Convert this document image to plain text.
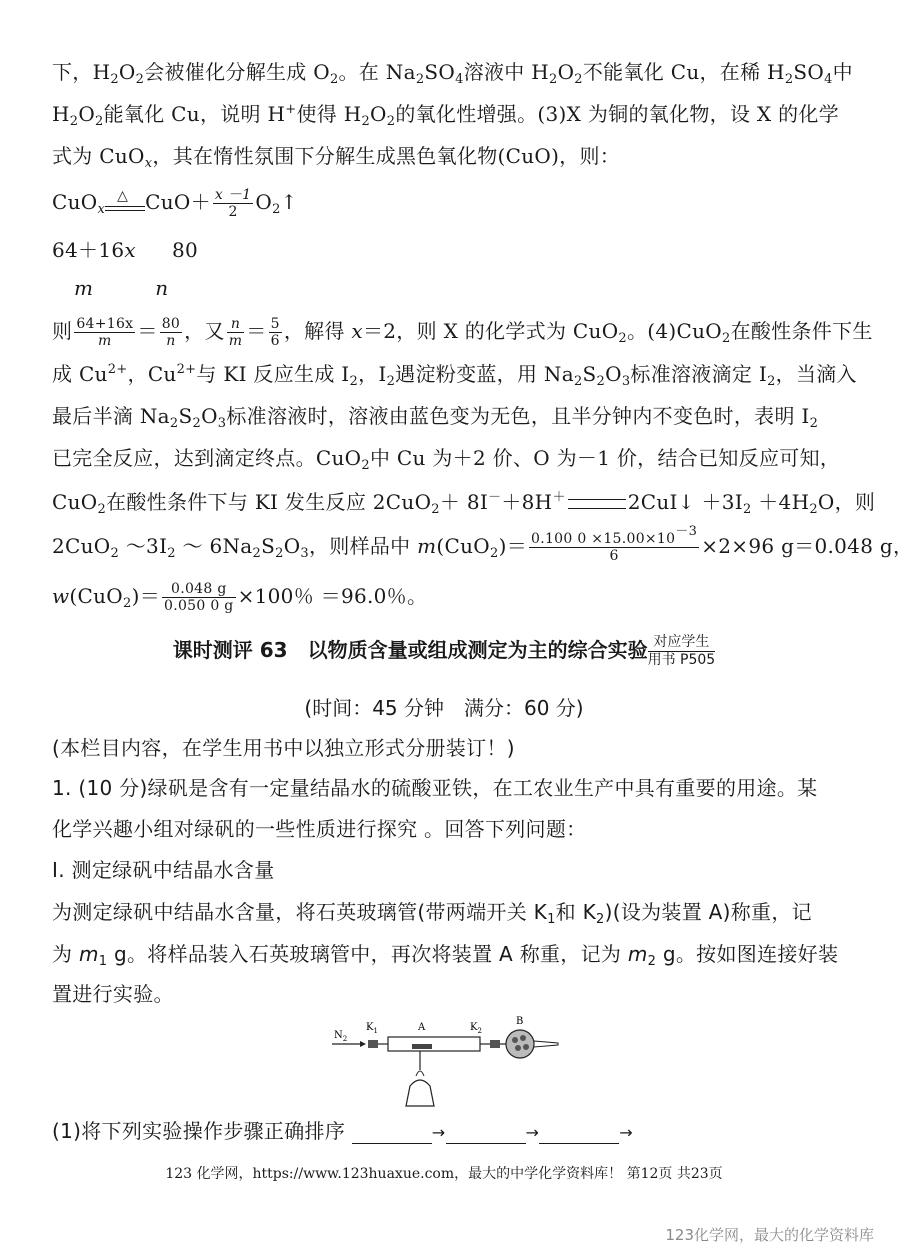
下，$H_2O_2$会被催化分解生成 $O_2$。在 $Na_2SO_4$溶液中 $H_2O_2$不能氧化 Cu，在稀 $H_2SO_4$中
$H_2O_2$能氧化 Cu，说明 H+使得 $H_2O_2$的氧化性增强。(3)X 为铜的氧化物，设 X 的化学
式为 CuO$_x$，其在惰性氛围下分解生成黑色氧化物(CuO)，则：
CuO$_x$
△ $CuO+ \frac{x -1}{2}$ $O_2↑$
64＋16x 80
m	n
则 $\frac{64+16x}{m} = \frac{80}{n}$ ，又 $\frac{n}{m} = \frac{5}{6}$ ，解得 x＝2，则 X 的化学式为 CuO$_2$。(4)CuO$_2$在酸性条件下生
成 $Cu^{2+}$，$Cu^{2+}$与 KI 反应生成 $I_2$，$I_2$遇淀粉变蓝，用 $Na_2S_2O_3$标准溶液滴定 $I_2$，当滴入
最后半滴 $Na_2S_2O_3$标准溶液时，溶液由蓝色变为无色，且半分钟内不变色时，表明 $I_2$
已完全反应，达到滴定终点。CuO$_2$中 Cu 为＋2 价、O 为－1 价，结合已知反应可知，
CuO$_2$在酸性条件下与 KI 发生反应 2CuO$_2$＋ 8I－＋8H＋	2CuI↓ $+3I_2 +4H_2O$，则
2CuO$_2$ $\sim 3I_2$ ～ $6Na_2S_2O_3$，则样品中 $m(CuO_2)= \frac{0.100 0 \times 15.00\times 10^{-3}}{6} \times 2\times 96$ g＝0.048 g，
$w(CuO_2)= \frac{0.048 g}{0.050 0 g} \times 100$％ ＝96.0％。
课时测评 63　以物质含量或组成测定为主的综合实验 对应学生
用书 P505
(时间：45 分钟　满分：60 分)
(本栏目内容，在学生用书中以独立形式分册装订！)
1. (10 分)绿矾是含有一定量结晶水的硫酸亚铁，在工农业生产中具有重要的用途。某
化学兴趣小组对绿矾的一些性质进行探究 。回答下列问题：
I. 测定绿矾中结晶水含量
为测定绿矾中结晶水含量，将石英玻璃管(带两端开关 $K_1$和 $K_2$)(设为装置 A)称重，记
为 $m_1$ g。将样品装入石英玻璃管中，再次将装置 A 称重，记为 $m_2$ g。按如图连接好装
置进行实验。
$N_2$
$K_1$	A	$K_2$
B
(1)将下列实验操作步骤正确排序	→	→	→
123 化学网，https://www.123huaxue.com，最大的中学化学资料库！ 第12页 共23页
123化学网，最大的化学资料库
